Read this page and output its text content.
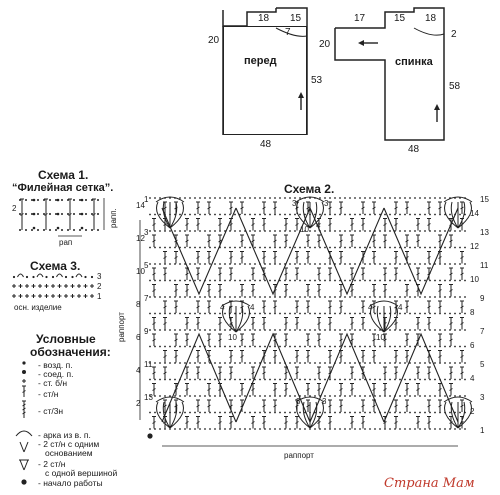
18 15
20
7
53
48
перед
17	15 18
20
2
58
48
спинка
Схема 1.
“Филейная сетка”.
2
рап
рапп.
Схема 3.
3
2
1
осн. изделие
Условные
обозначения:
- возд. п.
- соед. п.
- ст. б/н
- ст/н
- ст/3н
- арка из в. п.
- 2 ст/н с одним
основанием
- 2 ст/н
с одной вершиной
- начало работы
Схема 2.
3	3
10 4
4	4
10
4	4
10
3	3
14
12
10
8
6
4
2
1
3
5
7
9
11
13
15
13
11
9
7
5
3
1
14
12
10
8
6
4
2
раппорт
раппорт
Страна Мам
